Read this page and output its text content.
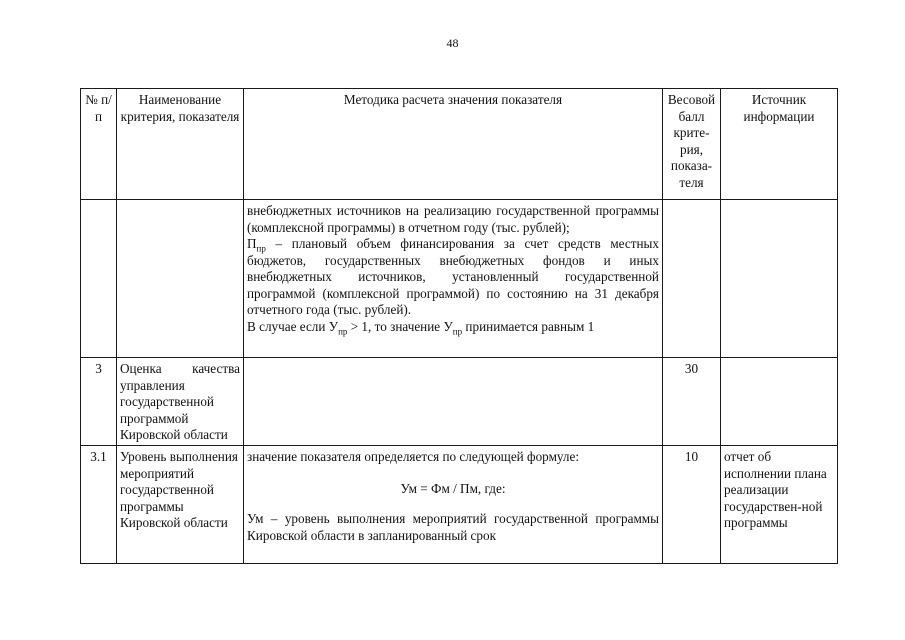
48
№ п/п	Наименование критерия, показателя	Методика расчета значения показателя	Весовой балл крите-рия, показа-теля	Источник информации

		внебюджетных источников на реализацию государственной программы (комплексной программы) в отчетном году (тыс. рублей);
$П_{пр}$ – плановый объем финансирования за счет средств местных бюджетов, государственных внебюджетных фондов и иных внебюджетных источников, установленный государственной программой (комплексной программой) по состоянию на 31 декабря отчетного года (тыс. рублей).
В случае если $У_{пр} > 1$, то значение $У_{пр}$ принимается равным 1		

3	Оценка качества управления государственной программой Кировской области		30	
3.1	Уровень выполнения мероприятий государственной программы Кировской области	значение показателя определяется по следующей формуле:
Ум = Фм / Пм, где:
Ум – уровень выполнения мероприятий государственной программы Кировской области в запланированный срок	10	отчет об исполнении плана реализации государствен-ной программы
